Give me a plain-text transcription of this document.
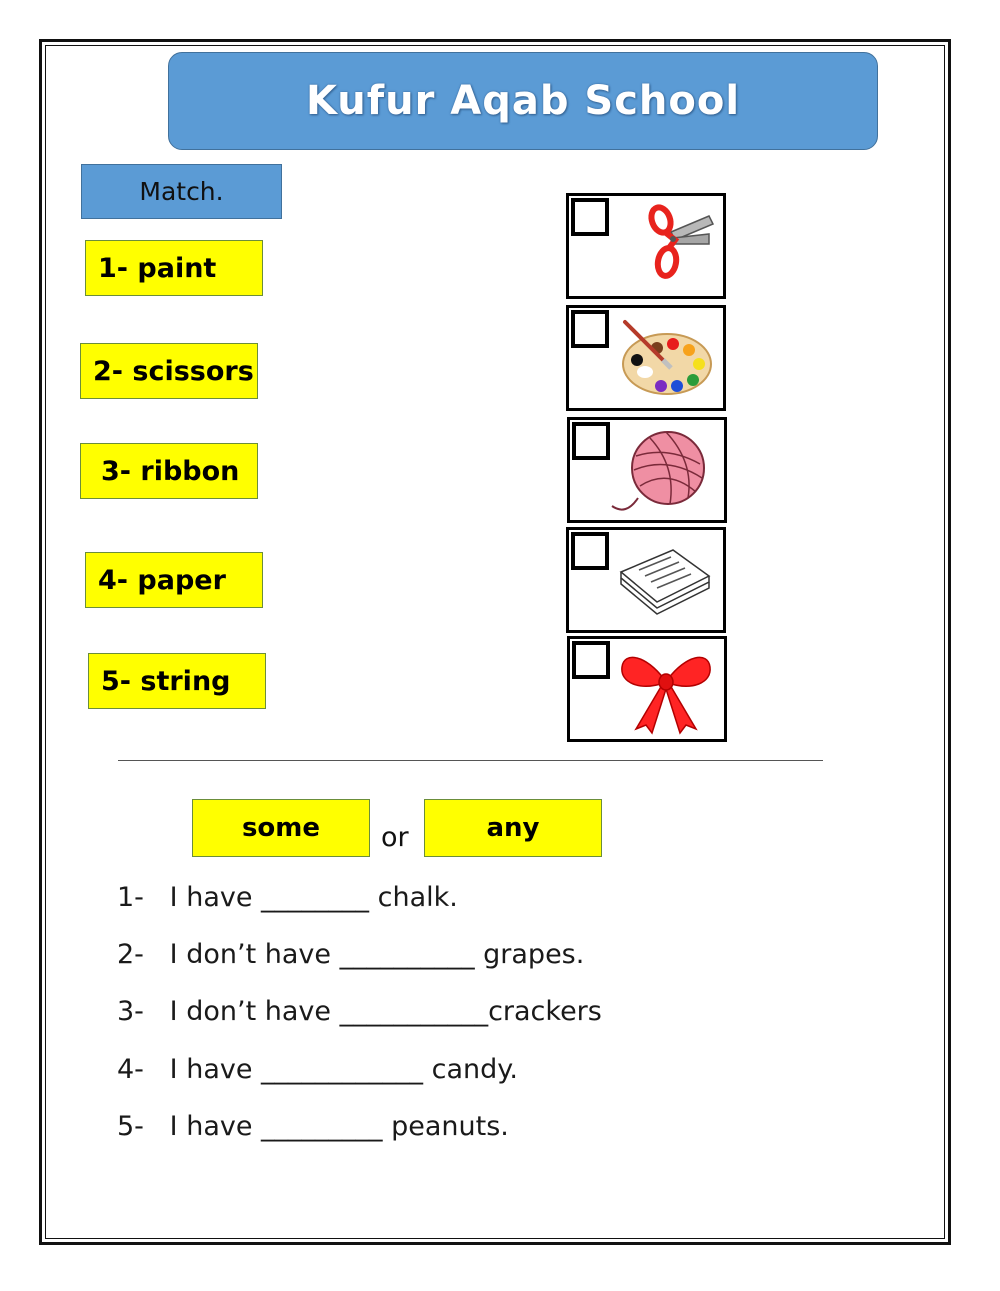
Kufur Aqab School
Match.
1- paint
2- scissors
3- ribbon
4- paper
5- string
some	or	any
1-   I have ________ chalk.
2-   I don’t have __________ grapes.
3-   I don’t have ___________crackers
4-   I have ____________ candy.
5-   I have _________ peanuts.
